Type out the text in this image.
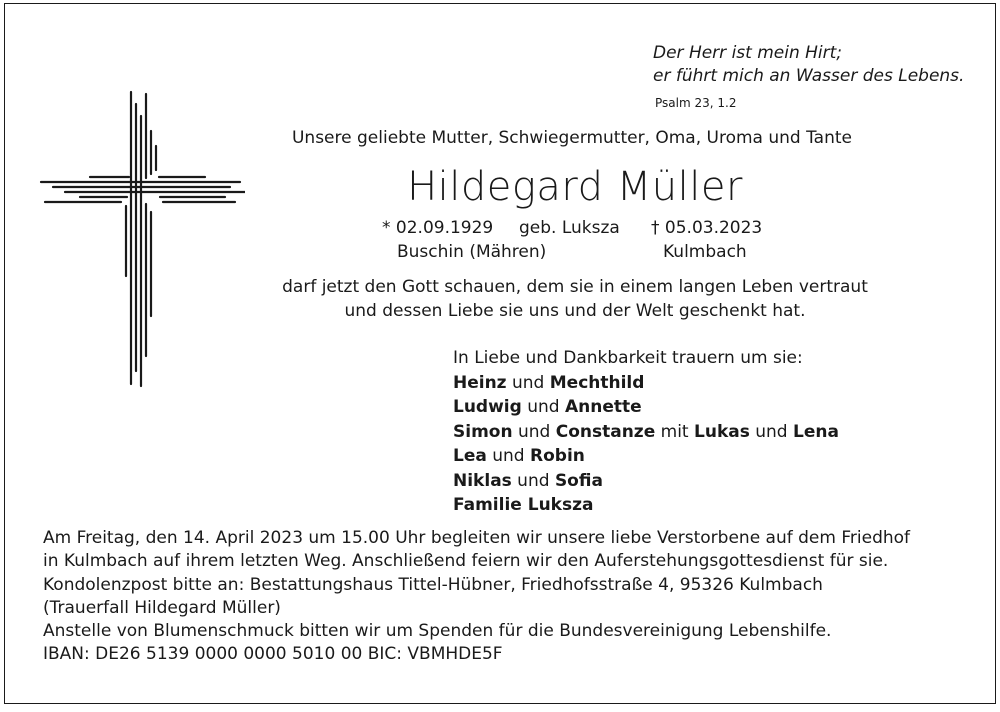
Der Herr ist mein Hirt;
er führt mich an Wasser des Lebens.
Psalm 23, 1.2
Unsere geliebte Mutter, Schwiegermutter, Oma, Uroma und Tante
Hildegard Müller
* 02.09.1929 geb. Luksza † 05.03.2023
Buschin (Mähren)	Kulmbach
darf jetzt den Gott schauen, dem sie in einem langen Leben vertraut
und dessen Liebe sie uns und der Welt geschenkt hat.
In Liebe und Dankbarkeit trauern um sie:
Heinz und Mechthild
Ludwig und Annette
Simon und Constanze mit Lukas und Lena
Lea und Robin
Niklas und Sofia
Familie Luksza
Am Freitag, den 14. April 2023 um 15.00 Uhr begleiten wir unsere liebe Verstorbene auf dem Friedhof
in Kulmbach auf ihrem letzten Weg. Anschließend feiern wir den Auferstehungsgottesdienst für sie.
Kondolenzpost bitte an: Bestattungshaus Tittel-Hübner, Friedhofsstraße 4, 95326 Kulmbach
(Trauerfall Hildegard Müller)
Anstelle von Blumenschmuck bitten wir um Spenden für die Bundesvereinigung Lebenshilfe.
IBAN: DE26 5139 0000 0000 5010 00 BIC: VBMHDE5F
